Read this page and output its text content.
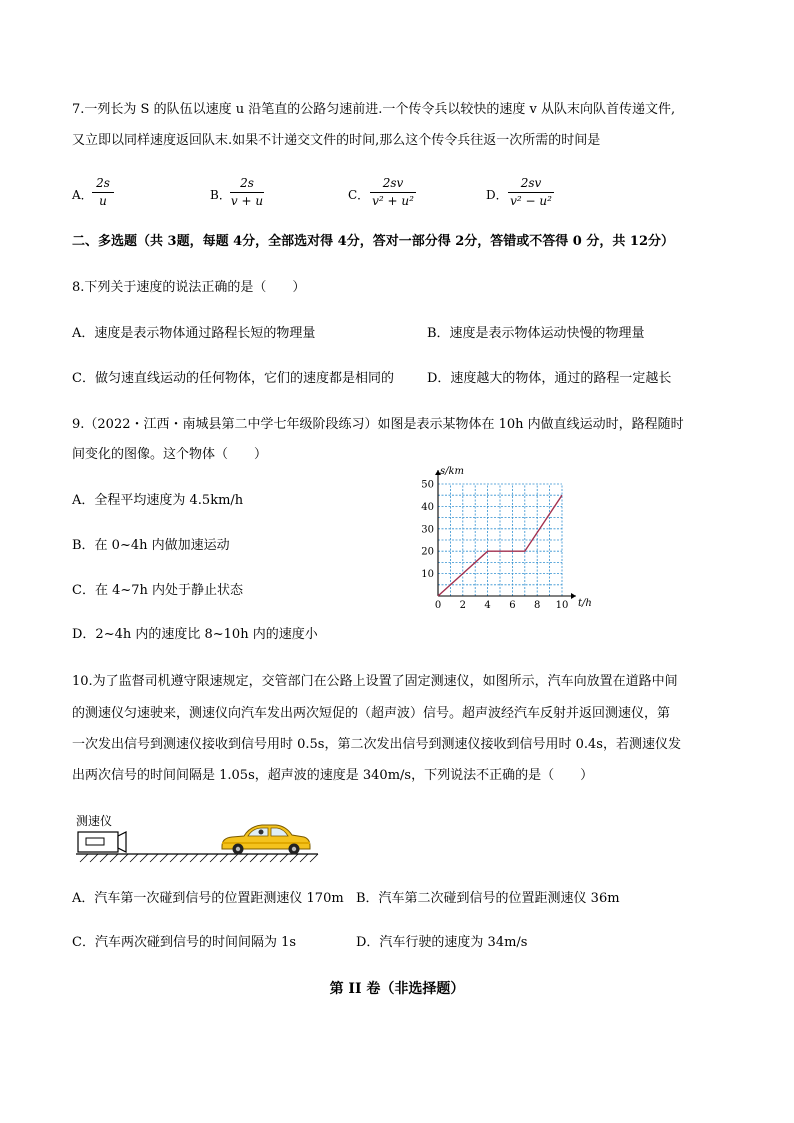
7.一列长为 S 的队伍以速度 u 沿笔直的公路匀速前进.一个传令兵以较快的速度 v 从队末向队首传递文件,
又立即以同样速度返回队末.如果不计递交文件的时间,那么这个传令兵往返一次所需的时间是
A． $\frac{2s}{u}$	B． $\frac{2s}{v + u}$	C． $\frac{2sv}{\text{v² + u²}}$	D． $\frac{2sv}{\text{v² − u²}}$
二、多选题（共 3题，每题 4分，全部选对得 4分，答对一部分得 2分，答错或不答得 0 分，共 12分）
8.下列关于速度的说法正确的是（　　）
A．速度是表示物体通过路程长短的物理量	B．速度是表示物体运动快慢的物理量
C．做匀速直线运动的任何物体，它们的速度都是相同的	D．速度越大的物体，通过的路程一定越长
9.（2022・江西・南城县第二中学七年级阶段练习）如图是表示某物体在 10h 内做直线运动时，路程随时
间变化的图像。这个物体（　　）
A．全程平均速度为 4.5km/h
B．在 0~4h 内做加速运动
C．在 4~7h 内处于静止状态
D．2~4h 内的速度比 8~10h 内的速度小
0 2 4 6 8 10
10
20
30
40
50
s/km
t/h
10.为了监督司机遵守限速规定，交管部门在公路上设置了固定测速仪，如图所示，汽车向放置在道路中间
的测速仪匀速驶来，测速仪向汽车发出两次短促的（超声波）信号。超声波经汽车反射并返回测速仪，第
一次发出信号到测速仪接收到信号用时 0.5s，第二次发出信号到测速仪接收到信号用时 0.4s，若测速仪发
出两次信号的时间间隔是 1.05s，超声波的速度是 340m/s，下列说法不正确的是（　　）
测速仪
A．汽车第一次碰到信号的位置距测速仪 170m B．汽车第二次碰到信号的位置距测速仪 36m
C．汽车两次碰到信号的时间间隔为 1s	D．汽车行驶的速度为 34m/s
第 II 卷（非选择题）
